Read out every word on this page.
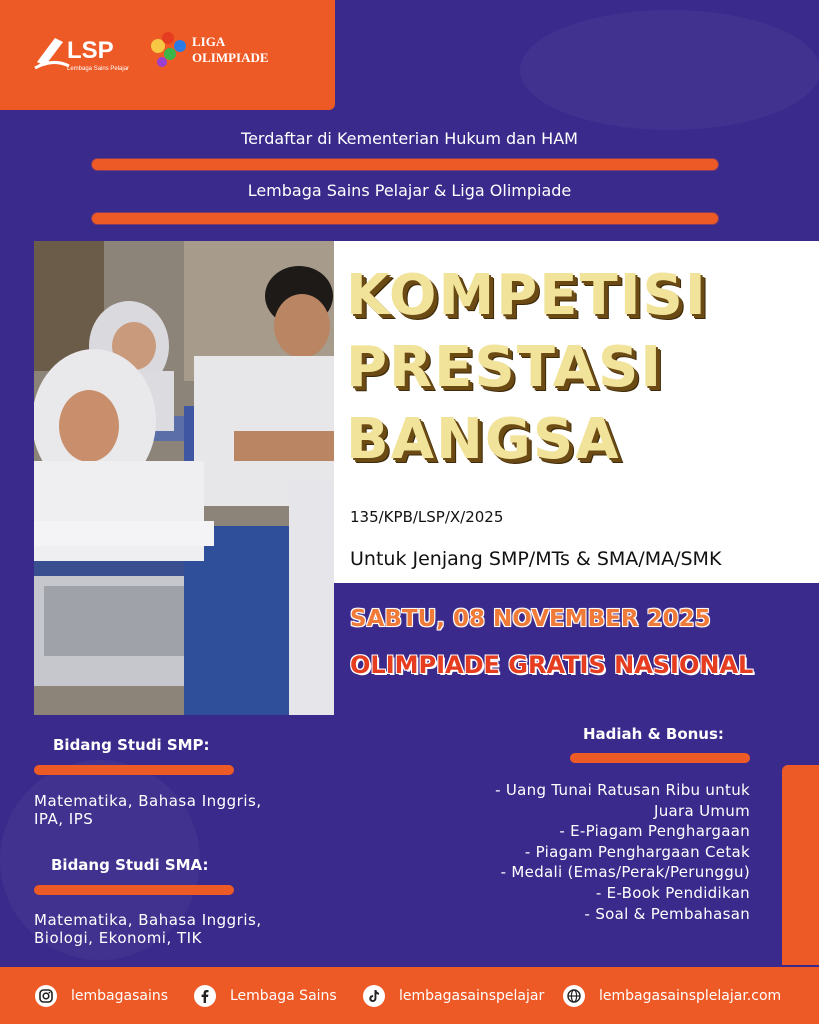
LSP
Lembaga Sains Pelajar
LIGA
OLIMPIADE
Terdaftar di Kementerian Hukum dan HAM
Lembaga Sains Pelajar & Liga Olimpiade
KOMPETISI
PRESTASI
BANGSA
135/KPB/LSP/X/2025
Untuk Jenjang SMP/MTs & SMA/MA/SMK
SABTU, 08 NOVEMBER 2025
OLIMPIADE GRATIS NASIONAL
Bidang Studi SMP:
Matematika, Bahasa Inggris,
IPA, IPS
Bidang Studi SMA:
Matematika, Bahasa Inggris,
Biologi, Ekonomi, TIK
Hadiah & Bonus:
- Uang Tunai Ratusan Ribu untuk
Juara Umum
- E-Piagam Penghargaan
- Piagam Penghargaan Cetak
- Medali (Emas/Perak/Perunggu)
- E-Book Pendidikan
- Soal & Pembahasan
lembagasains	Lembaga Sains	lembagasainspelajar	lembagasainsplelajar.com
